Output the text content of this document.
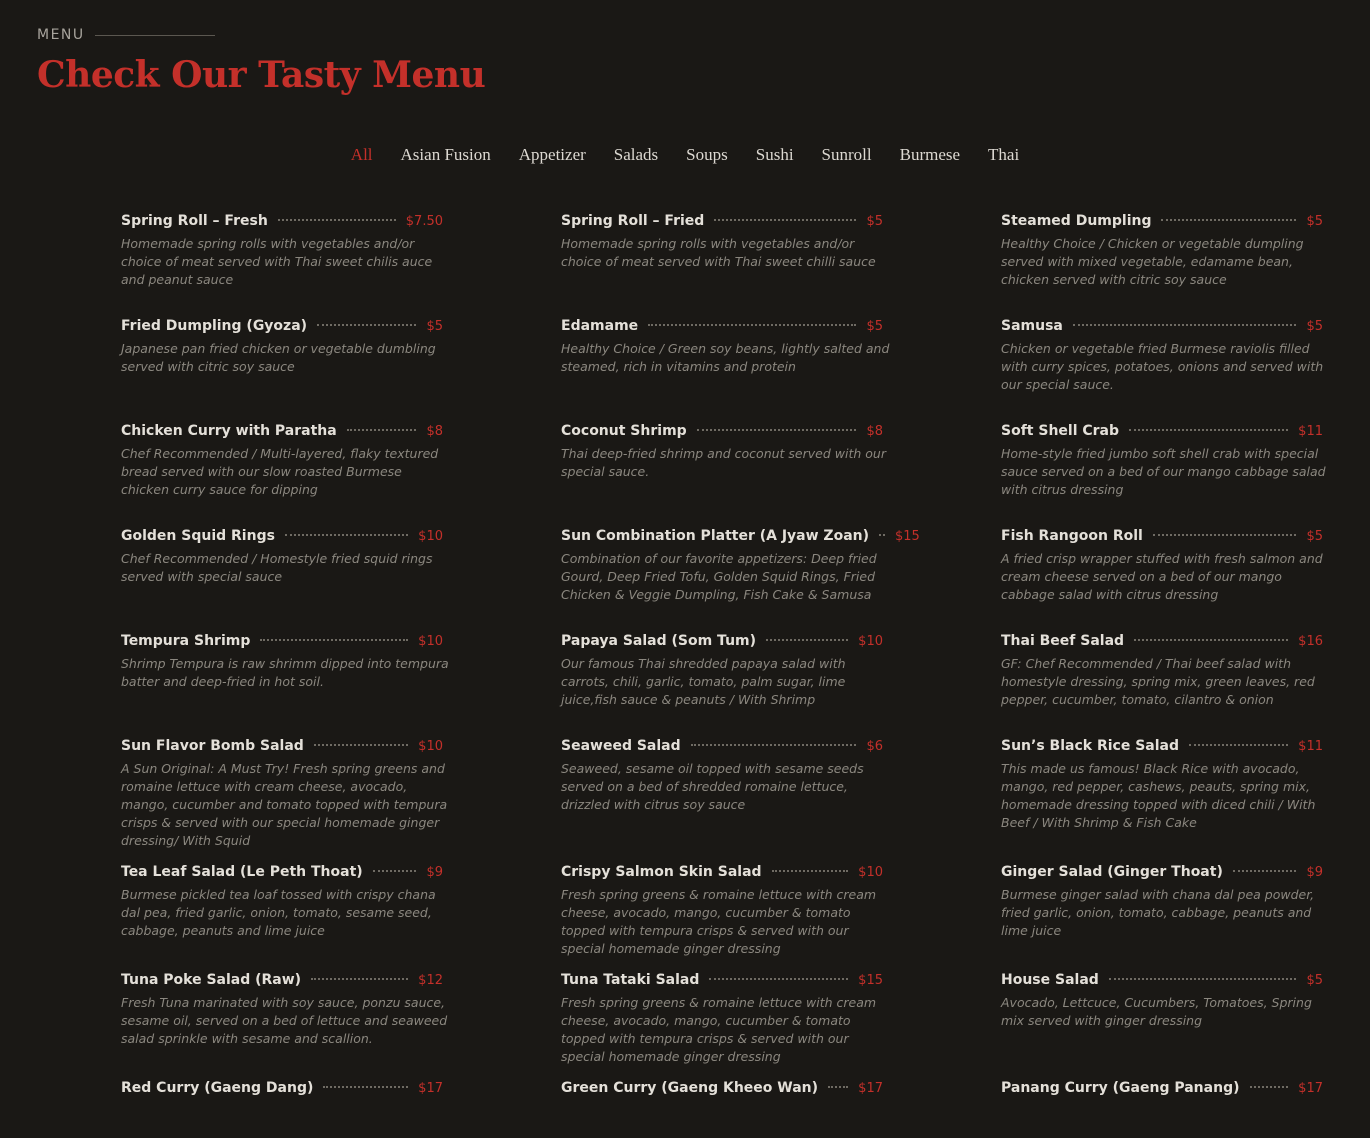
MENU
Check Our Tasty Menu
All Asian Fusion Appetizer Salads Soups Sushi Sunroll Burmese Thai
Spring Roll – Fresh	$7.50
Homemade spring rolls with vegetables and/or choice of meat served with Thai sweet chilis auce and peanut sauce
Spring Roll – Fried	$5
Homemade spring rolls with vegetables and/or choice of meat served with Thai sweet chilli sauce
Steamed Dumpling	$5
Healthy Choice / Chicken or vegetable dumpling served with mixed vegetable, edamame bean, chicken served with citric soy sauce
Fried Dumpling (Gyoza)	$5
Japanese pan fried chicken or vegetable dumbling served with citric soy sauce
Edamame	$5
Healthy Choice / Green soy beans, lightly salted and steamed, rich in vitamins and protein
Samusa	$5
Chicken or vegetable fried Burmese raviolis filled with curry spices, potatoes, onions and served with our special sauce.
Chicken Curry with Paratha	$8
Chef Recommended / Multi-layered, flaky textured bread served with our slow roasted Burmese chicken curry sauce for dipping
Coconut Shrimp	$8
Thai deep-fried shrimp and coconut served with our special sauce.
Soft Shell Crab	$11
Home-style fried jumbo soft shell crab with special sauce served on a bed of our mango cabbage salad with citrus dressing
Golden Squid Rings	$10
Chef Recommended / Homestyle fried squid rings served with special sauce
Sun Combination Platter (A Jyaw Zoan) $15
Combination of our favorite appetizers: Deep fried Gourd, Deep Fried Tofu, Golden Squid Rings, Fried Chicken & Veggie Dumpling, Fish Cake & Samusa
Fish Rangoon Roll	$5
A fried crisp wrapper stuffed with fresh salmon and cream cheese served on a bed of our mango cabbage salad with citrus dressing
Tempura Shrimp	$10
Shrimp Tempura is raw shrimm dipped into tempura batter and deep-fried in hot soil.
Papaya Salad (Som Tum)	$10
Our famous Thai shredded papaya salad with carrots, chili, garlic, tomato, palm sugar, lime juice,fish sauce & peanuts / With Shrimp
Thai Beef Salad	$16
GF: Chef Recommended / Thai beef salad with homestyle dressing, spring mix, green leaves, red pepper, cucumber, tomato, cilantro & onion
Sun Flavor Bomb Salad	$10
A Sun Original: A Must Try! Fresh spring greens and romaine lettuce with cream cheese, avocado, mango, cucumber and tomato topped with tempura crisps & served with our special homemade ginger dressing/ With Squid
Seaweed Salad	$6
Seaweed, sesame oil topped with sesame seeds served on a bed of shredded romaine lettuce, drizzled with citrus soy sauce
Sun’s Black Rice Salad	$11
This made us famous! Black Rice with avocado, mango, red pepper, cashews, peauts, spring mix, homemade dressing topped with diced chili / With Beef / With Shrimp & Fish Cake
Tea Leaf Salad (Le Peth Thoat)	$9
Burmese pickled tea loaf tossed with crispy chana dal pea, fried garlic, onion, tomato, sesame seed, cabbage, peanuts and lime juice
Crispy Salmon Skin Salad	$10
Fresh spring greens & romaine lettuce with cream cheese, avocado, mango, cucumber & tomato topped with tempura crisps & served with our special homemade ginger dressing
Ginger Salad (Ginger Thoat)	$9
Burmese ginger salad with chana dal pea powder, fried garlic, onion, tomato, cabbage, peanuts and lime juice
Tuna Poke Salad (Raw)	$12
Fresh Tuna marinated with soy sauce, ponzu sauce, sesame oil, served on a bed of lettuce and seaweed salad sprinkle with sesame and scallion.
Tuna Tataki Salad	$15
Fresh spring greens & romaine lettuce with cream cheese, avocado, mango, cucumber & tomato topped with tempura crisps & served with our special homemade ginger dressing
House Salad	$5
Avocado, Lettcuce, Cucumbers, Tomatoes, Spring mix served with ginger dressing
Red Curry (Gaeng Dang)	$17	Green Curry (Gaeng Kheeo Wan)	$17	Panang Curry (Gaeng Panang)	$17
